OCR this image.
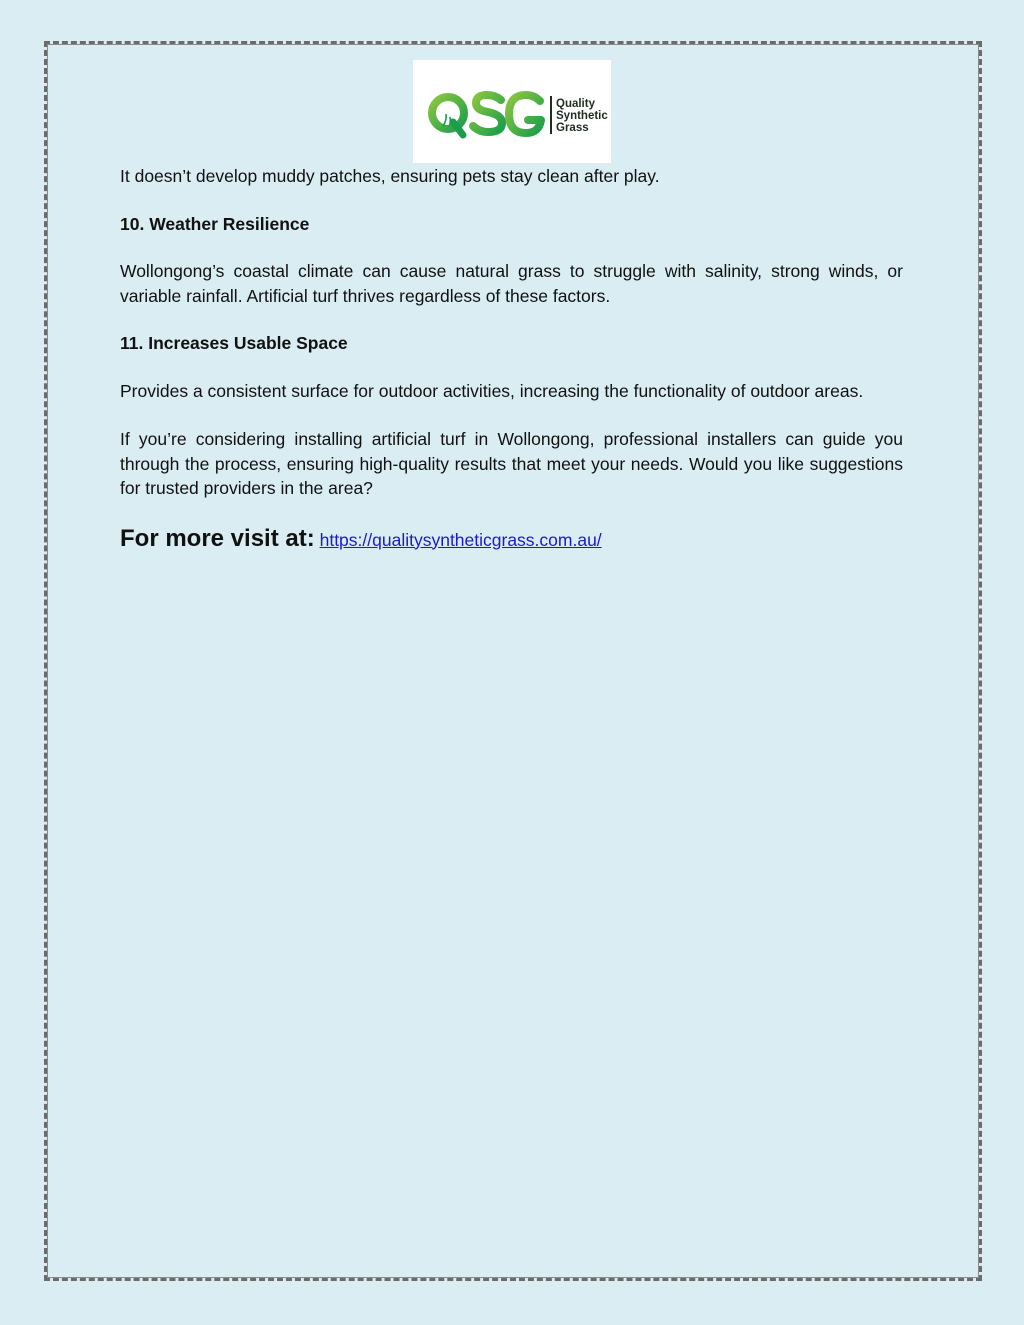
Quality
Synthetic
Grass

It doesn’t develop muddy patches, ensuring pets stay clean after play.

10. Weather Resilience

Wollongong’s coastal climate can cause natural grass to struggle with salinity, strong winds, or variable rainfall. Artificial turf thrives regardless of these factors.

11. Increases Usable Space

Provides a consistent surface for outdoor activities, increasing the functionality of outdoor areas.

If you’re considering installing artificial turf in Wollongong, professional installers can guide you through the process, ensuring high-quality results that meet your needs. Would you like suggestions for trusted providers in the area?

For more visit at: https://qualitysyntheticgrass.com.au/
